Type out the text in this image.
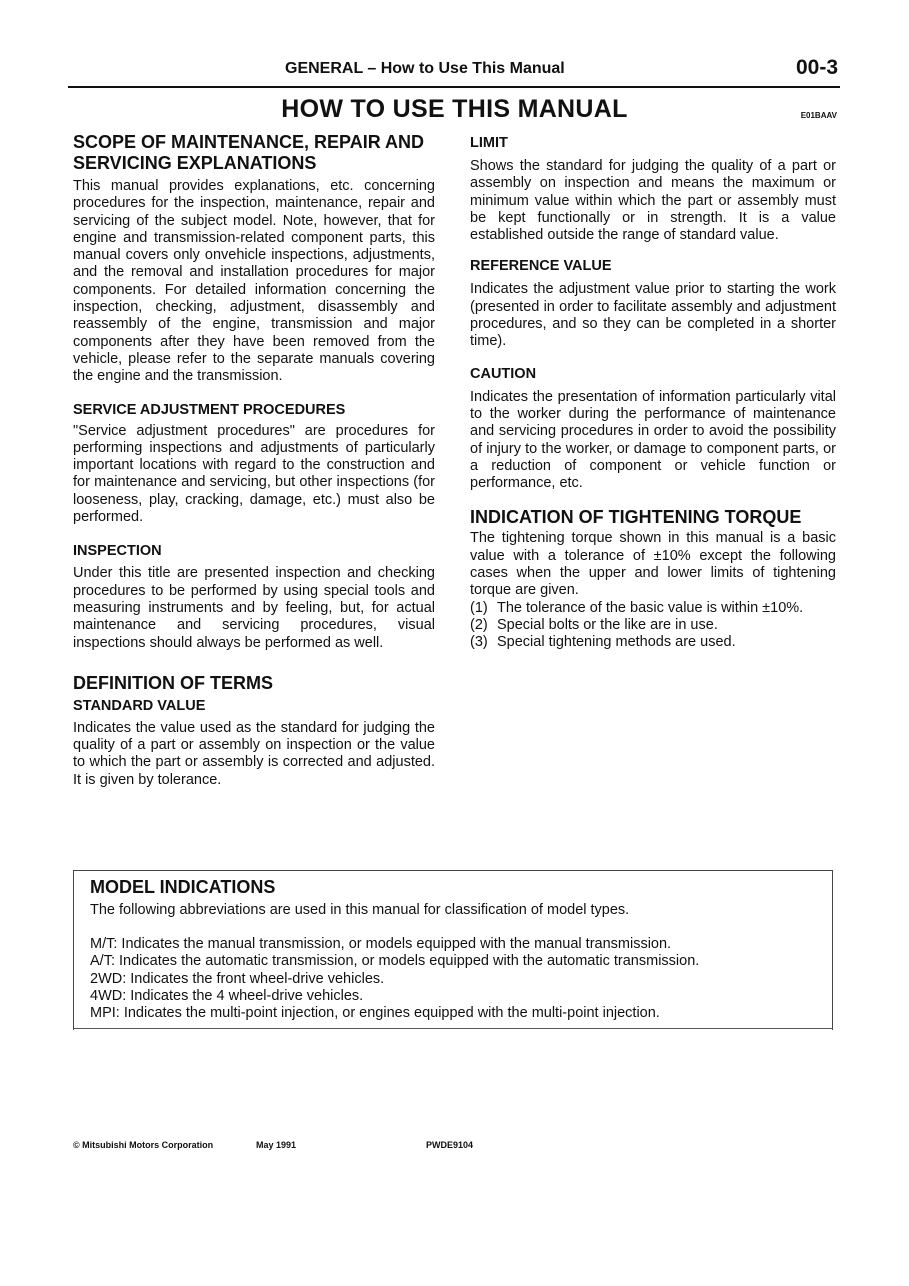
GENERAL – How to Use This Manual	00-3
HOW TO USE THIS MANUAL	E01BAAV
SCOPE OF MAINTENANCE, REPAIR AND
SERVICING EXPLANATIONS

This manual provides explanations, etc. concerning procedures for the inspection, maintenance, repair and servicing of the subject model. Note, however, that for engine and transmission-related component parts, this manual covers only onvehicle inspections, adjustments, and the removal and installation procedures for major components. For detailed information concerning the inspection, checking, adjustment, disassembly and reassembly of the engine, transmission and major components after they have been removed from the vehicle, please refer to the separate manuals covering the engine and the transmission.

SERVICE ADJUSTMENT PROCEDURES

"Service adjustment procedures" are procedures for performing inspections and adjustments of particularly important locations with regard to the construction and for maintenance and servicing, but other inspections (for looseness, play, cracking, damage, etc.) must also be performed.

INSPECTION

Under this title are presented inspection and checking procedures to be performed by using special tools and measuring instruments and by feeling, but, for actual maintenance and servicing procedures, visual inspections should always be performed as well.

DEFINITION OF TERMS
STANDARD VALUE

Indicates the value used as the standard for judging the quality of a part or assembly on inspection or the value to which the part or assembly is corrected and adjusted. It is given by tolerance.

LIMIT

Shows the standard for judging the quality of a part or assembly on inspection and means the maximum or minimum value within which the part or assembly must be kept functionally or in strength. It is a value established outside the range of standard value.

REFERENCE VALUE

Indicates the adjustment value prior to starting the work (presented in order to facilitate assembly and adjustment procedures, and so they can be completed in a shorter time).

CAUTION

Indicates the presentation of information particularly vital to the worker during the performance of maintenance and servicing procedures in order to avoid the possibility of injury to the worker, or damage to component parts, or a reduction of component or vehicle function or performance, etc.

INDICATION OF TIGHTENING TORQUE

The tightening torque shown in this manual is a basic value with a tolerance of ±10% except the following cases when the upper and lower limits of tightening torque are given.

(1) The tolerance of the basic value is within ±10%.
(2) Special bolts or the like are in use.
(3) Special tightening methods are used.
MODEL INDICATIONS
The following abbreviations are used in this manual for classification of model types.
M/T: Indicates the manual transmission, or models equipped with the manual transmission.
A/T: Indicates the automatic transmission, or models equipped with the automatic transmission.
2WD: Indicates the front wheel-drive vehicles.
4WD: Indicates the 4 wheel-drive vehicles.
MPI: Indicates the multi-point injection, or engines equipped with the multi-point injection.
© Mitsubishi Motors Corporation	May 1991	PWDE9104
